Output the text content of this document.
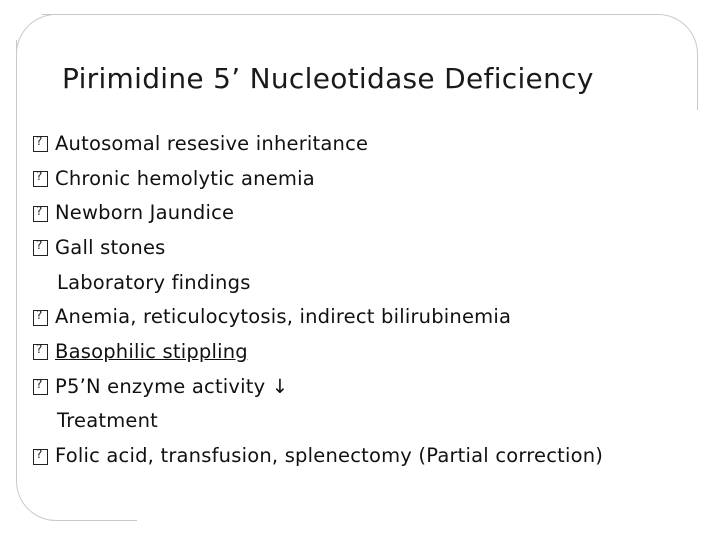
Pirimidine 5’ Nucleotidase Deficiency
?
Autosomal resesive inheritance
?
Chronic hemolytic anemia
?
Newborn Jaundice
?
Gall stones
Laboratory findings
?
Anemia, reticulocytosis, indirect bilirubinemia
?
Basophilic stippling
?
P5’N enzyme activity ↓
Treatment
?
Folic acid, transfusion, splenectomy (Partial correction)
